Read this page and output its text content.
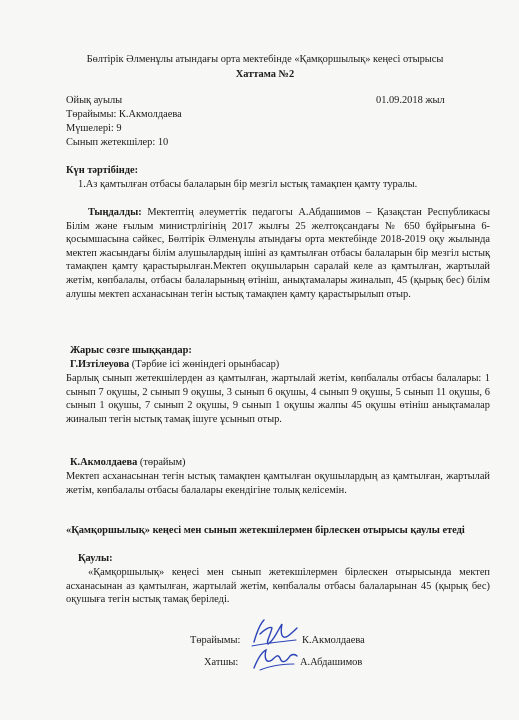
Бөлтірік Әлменұлы атындағы орта мектебінде «Қамқоршылық» кеңесі отырысы
Хаттама №2
Ойық ауылы	01.09.2018 жыл
Төрайымы: К.Акмолдаева
Мүшелері: 9
Сынып жетекшілер: 10
Күн тәртібінде:
1.Аз қамтылған отбасы балаларын бір мезгіл ыстық тамақпен қамту туралы.
Тыңдалды: Мектептің әлеуметтік педагогы А.Абдашимов – Қазақстан Республикасы Білім және ғылым министрлігінің 2017 жылғы 25 желтоқсандағы № 650 бұйрығына 6-қосымшасына сәйкес, Бөлтірік Әлменұлы атындағы орта мектебінде 2018-2019 оқу жылында мектеп жасындағы білім алушылардың ішіні аз қамтылған отбасы балаларын бір мезгіл ыстық тамақпен қамту қарастырылған.Мектеп оқушыларын саралай келе аз қамтылған, жартылай жетім, көпбалалы, отбасы балаларының өтініш, анықтамалары жиналып, 45 (қырық бес) білім алушы мектеп асханасынан тегін ыстық тамақпен қамту қарастырылып отыр.
Жарыс сөзге шыққандар:
Г.Изтілеуова (Тәрбие ісі жөніндегі орынбасар)
Барлық сынып жетекшілерден аз қамтылған, жартылай жетім, көпбалалы отбасы балалары: 1 сынып 7 оқушы, 2 сынып 9 оқушы, 3 сынып 6 оқушы, 4 сынып 9 оқушы, 5 сынып 11 оқушы, 6 сынып 1 оқушы, 7 сынып 2 оқушы, 9 сынып 1 оқушы жалпы 45 оқушы өтініш анықтамалар жиналып тегін ыстық тамақ ішуге ұсынып отыр.
К.Акмолдаева (төрайым)
Мектеп асханасынан тегін ыстық тамақпен қамтылған оқушылардың аз қамтылған, жартылай жетім, көпбалалы отбасы балалары екендігіне толық келісемін.
«Қамқоршылық» кеңесі мен сынып жетекшілермен бірлескен отырысы қаулы етеді
Қаулы:
«Қамқоршылық» кеңесі мен сынып жетекшілермен бірлескен отырысында мектеп асханасынан аз қамтылған, жартылай жетім, көпбалалы отбасы балаларынан 45 (қырық бес) оқушыға тегін ыстық тамақ беріледі.
Төрайымы:	К.Акмолдаева
Хатшы:	А.Абдашимов
